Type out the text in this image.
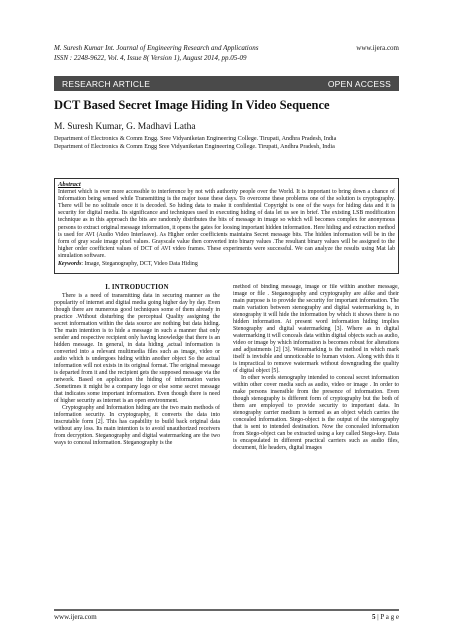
M. Suresh Kumar Int. Journal of Engineering Research and Applications	www.ijera.com
ISSN : 2248-9622, Vol. 4, Issue 8( Version 1), August 2014, pp.05-09
RESEARCH ARTICLE	OPEN ACCESS
DCT Based Secret Image Hiding In Video Sequence
M. Suresh Kumar, G. Madhavi Latha
Department of Electronics & Comm Engg. Sree Vidyaniketan Engineering College. Tirupati, Andhra Pradesh, India
Department of Electronics & Comm Engg Sree Vidyaniketan Engineering College. Tirupati, Andhra Pradesh, India
Abstract
Internet which is ever more accessible to interference by not with authority people over the World. It is important to bring down a chance of Information being sensed while Transmitting is the major issue these days. To overcome these problems one of the solution is cryptography. There will be no solitude once it is decoded. So hiding data to make it confidential Copyright is one of the ways for hiding data and it is security for digital media. Its significance and techniques used in executing hiding of data let us see in brief. The existing LSB modification technique as in this approach the bits are randomly distributes the bits of message in image so which will becomes complex for anonymous persons to extract original message information, it opens the gates for loosing important hidden information. Here hiding and extraction method is used for AVI (Audio Video Interleave). As Higher order coefficients maintains Secret message bits. The hidden information will be in the form of gray scale image pixel values. Grayscale value then converted into binary values .The resultant binary values will be assigned to the higher order coefficient values of DCT of AVI video frames. These experiments were successful. We can analyze the results using Mat lab simulation software.
Keywords: Image, Steganography, DCT, Video Data Hiding
I. INTRODUCTION

There is a need of transmitting data in securing manner as the popularity of internet and digital media going higher day by day. Even though there are numerous good techniques some of them already in practice .Without disturbing the perceptual Quality assigning the secret information within the data source are nothing but data hiding. The main intention is to hide a message in such a manner that only sender and respective recipient only having knowledge that there is an hidden message. In general, in data hiding ,actual information is converted into a relevant multimedia files such as image, video or audio which is undergoes hiding within another object So the actual information will not exists in its original format. The original message is departed from it and the recipient gets the supposed message via the network. Based on application the hiding of information varies .Sometimes it might be a company logo or else some secret message that indicates some important information. Even though there is need of higher security as internet is an open environment.

Cryptography and Information hiding are the two main methods of information security. In cryptography, it converts the data into inscrutable form [2]. This has capability to build back original data without any loss. Its main intention is to avoid unauthorized receivers from decryption. Steganography and digital watermarking are the two ways to conceal information. Steganography is the

method of binding message, image or file within another message, image or file . Steganography and cryptography are alike and their main purpose is to provide the security for important information. The main variation between stenography and digital watermarking is, in stenography it will hide the information by which it shows there is no hidden information. At present word information hiding implies Stenography and digital watermarking [3]. Where as in digital watermarking it will conceals data within digital objects such as audio, video or image by which information is becomes robust for alterations and adjustments [2] [3]. Watermarking is the method in which mark itself is invisible and unnoticeable to human vision. Along with this it is impractical to remove watermark without downgrading the quality of digital object [5].

In other words stenography intended to conceal secret information within other cover media such as audio, video or image . In order to make persons insensible from the presence of information. Even though stenography is different form of cryptography but the both of them are employed to provide security to important data. In stenography carrier medium is termed as an object which carries the concealed information. Stego-object is the output of the stenography that is sent to intended destination. Now the concealed information from Stego-object can be extracted using a key called Stego-key. Data is encapsulated in different practical carriers such as audio files, document, file headers, digital images

www.ijera.com	5 | P a g e
